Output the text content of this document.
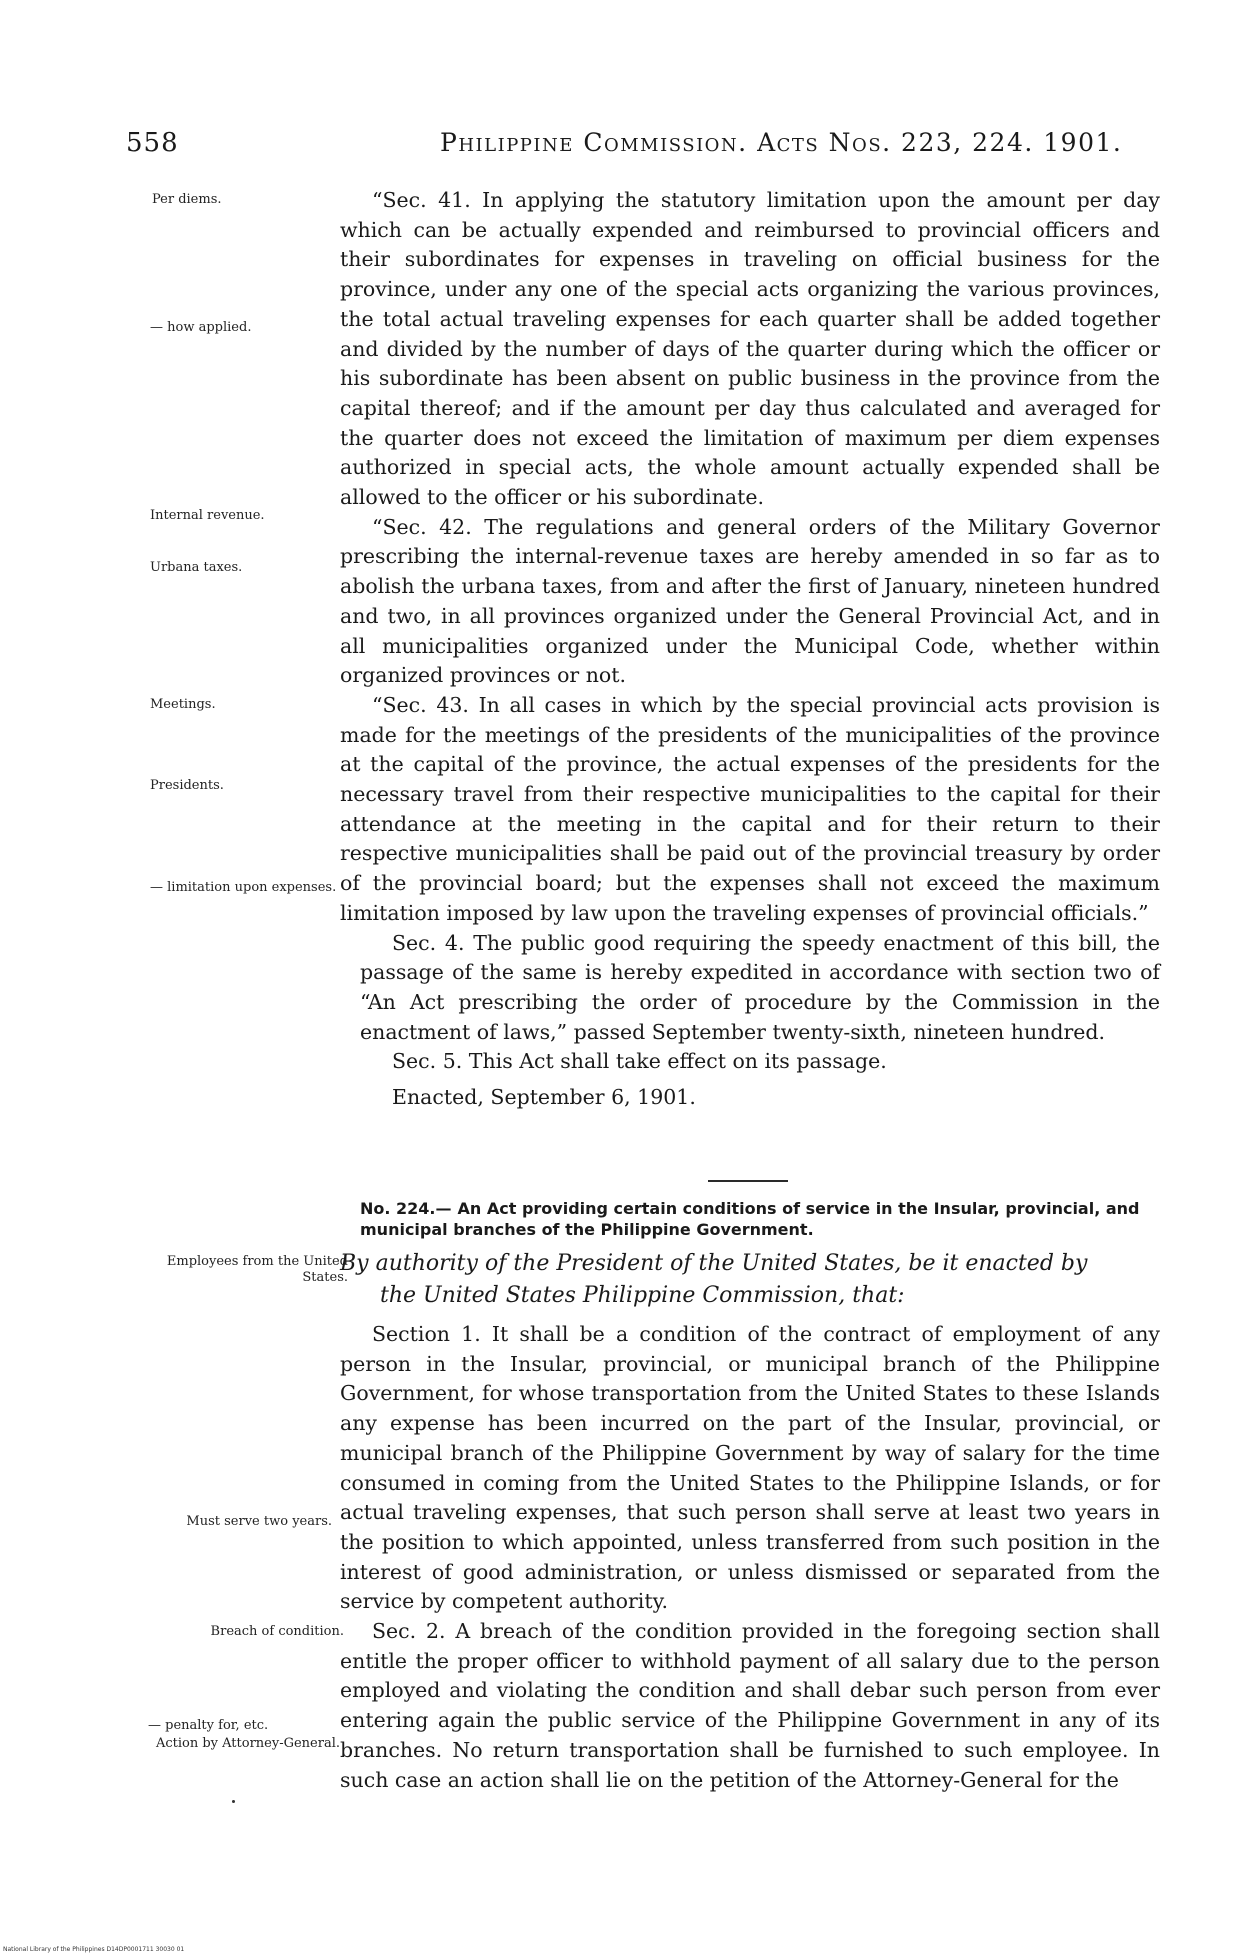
558	Philippine Commission. Acts Nos. 223, 224. 1901.
Per diems.
— how applied.
Internal revenue.
Urbana taxes.
Meetings.
Presidents.
— limitation upon expenses.
Employees from the United States.
Must serve two years.
Breach of condition.
— penalty for, etc.
Action by Attorney-General.

“Sec. 41. In applying the statutory limitation upon the amount per day which can be actually expended and reimbursed to provincial officers and their subordinates for expenses in traveling on official business for the province, under any one of the special acts organizing the various provinces, the total actual traveling expenses for each quarter shall be added together and divided by the number of days of the quarter during which the officer or his subordinate has been absent on public business in the province from the capital thereof; and if the amount per day thus calculated and averaged for the quarter does not exceed the limitation of maximum per diem expenses authorized in special acts, the whole amount actually expended shall be allowed to the officer or his subordinate.

“Sec. 42. The regulations and general orders of the Military Governor prescribing the internal-revenue taxes are hereby amended in so far as to abolish the urbana taxes, from and after the first of January, nineteen hundred and two, in all provinces organized under the General Provincial Act, and in all municipalities organized under the Municipal Code, whether within organized provinces or not.

“Sec. 43. In all cases in which by the special provincial acts provision is made for the meetings of the presidents of the municipalities of the province at the capital of the province, the actual expenses of the presidents for the necessary travel from their respective municipalities to the capital for their attendance at the meeting in the capital and for their return to their respective municipalities shall be paid out of the provincial treasury by order of the provincial board; but the expenses shall not exceed the maximum limitation imposed by law upon the traveling expenses of provincial officials.”

Sec. 4. The public good requiring the speedy enactment of this bill, the passage of the same is hereby expedited in accordance with section two of “An Act prescribing the order of procedure by the Commission in the enactment of laws,” passed September twenty-sixth, nineteen hundred.

Sec. 5. This Act shall take effect on its passage.

Enacted, September 6, 1901.

No. 224.— An Act providing certain conditions of service in the Insular, provincial, and municipal branches of the Philippine Government.
By authority of the President of the United States, be it enacted by
the United States Philippine Commission, that:

Section 1. It shall be a condition of the contract of employment of any person in the Insular, provincial, or municipal branch of the Philippine Government, for whose transportation from the United States to these Islands any expense has been incurred on the part of the Insular, provincial, or municipal branch of the Philippine Government by way of salary for the time consumed in coming from the United States to the Philippine Islands, or for actual traveling expenses, that such person shall serve at least two years in the position to which appointed, unless transferred from such position in the interest of good administration, or unless dismissed or separated from the service by competent authority.

Sec. 2. A breach of the condition provided in the foregoing section shall entitle the proper officer to withhold payment of all salary due to the person employed and violating the condition and shall debar such person from ever entering again the public service of the Philippine Government in any of its branches. No return transportation shall be furnished to such employee. In such case an action shall lie on the petition of the Attorney-General for the

National Library of the Philippines D14DP0001711 30030 01
